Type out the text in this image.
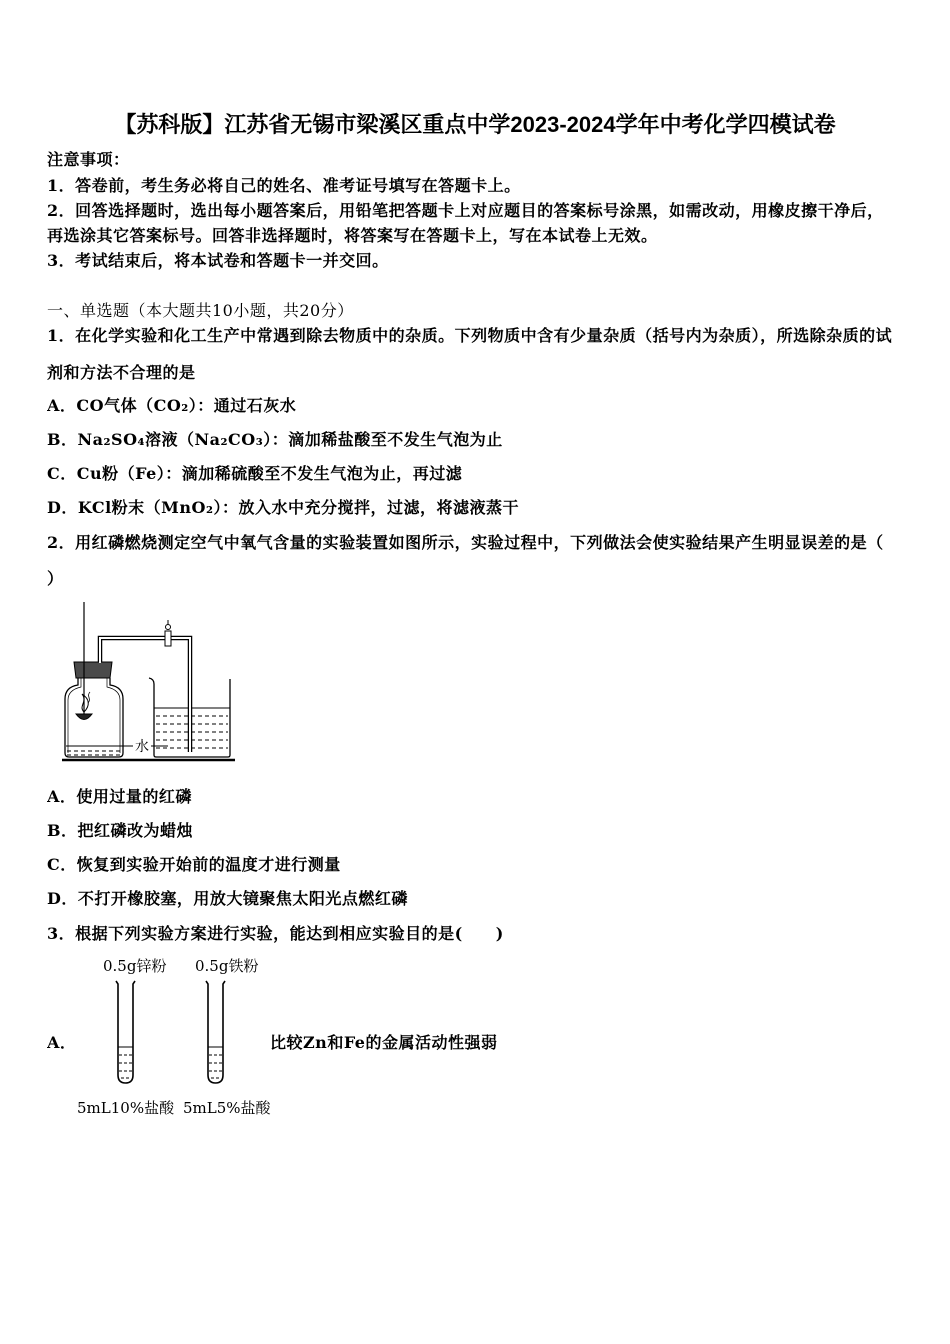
【苏科版】江苏省无锡市梁溪区重点中学2023-2024学年中考化学四模试卷
注意事项：
1．答卷前，考生务必将自己的姓名、准考证号填写在答题卡上。
2．回答选择题时，选出每小题答案后，用铅笔把答题卡上对应题目的答案标号涂黑，如需改动，用橡皮擦干净后，
再选涂其它答案标号。回答非选择题时，将答案写在答题卡上，写在本试卷上无效。
3．考试结束后，将本试卷和答题卡一并交回。
一、单选题（本大题共10小题，共20分）
1．在化学实验和化工生产中常遇到除去物质中的杂质。下列物质中含有少量杂质（括号内为杂质），所选除杂质的试
剂和方法不合理的是
A．CO气体（CO₂）：通过石灰水
B．Na₂SO₄溶液（Na₂CO₃）：滴加稀盐酸至不发生气泡为止
C．Cu粉（Fe）：滴加稀硫酸至不发生气泡为止，再过滤
D．KCl粉末（MnO₂）：放入水中充分搅拌，过滤，将滤液蒸干
2．用红磷燃烧测定空气中氧气含量的实验装置如图所示，实验过程中，下列做法会使实验结果产生明显误差的是（
）
水
A．使用过量的红磷
B．把红磷改为蜡烛
C．恢复到实验开始前的温度才进行测量
D．不打开橡胶塞，用放大镜聚焦太阳光点燃红磷
3．根据下列实验方案进行实验，能达到相应实验目的是(　　)
0.5g锌粉 0.5g铁粉
A．	比较Zn和Fe的金属活动性强弱
5mL10%盐酸 5mL5%盐酸
